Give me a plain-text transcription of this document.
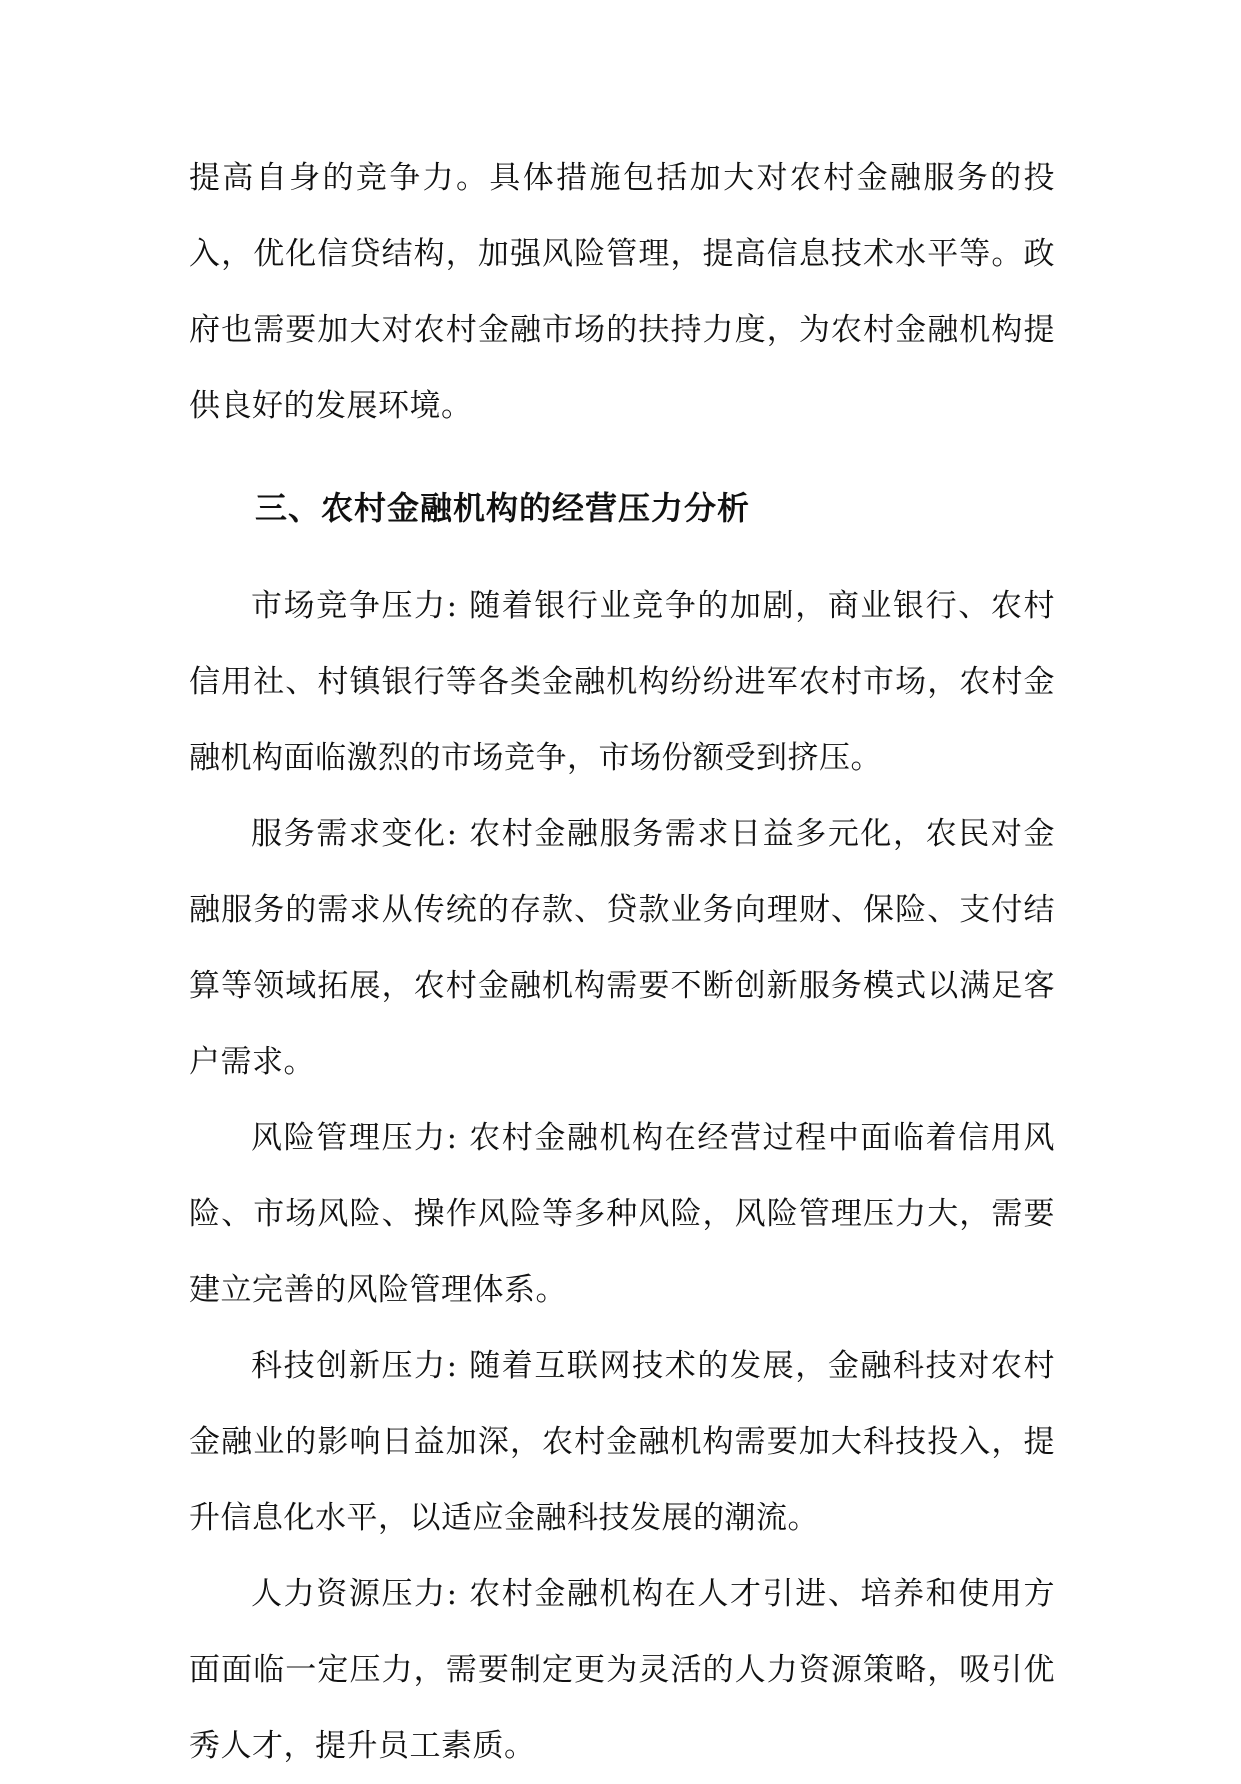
提高自身的竞争力。具体措施包括加大对农村金融服务的投入，优化信贷结构，加强风险管理，提高信息技术水平等。政府也需要加大对农村金融市场的扶持力度，为农村金融机构提供良好的发展环境。

三、农村金融机构的经营压力分析

市场竞争压力: 随着银行业竞争的加剧，商业银行、农村信用社、村镇银行等各类金融机构纷纷进军农村市场，农村金融机构面临激烈的市场竞争，市场份额受到挤压。

服务需求变化: 农村金融服务需求日益多元化，农民对金融服务的需求从传统的存款、贷款业务向理财、保险、支付结算等领域拓展，农村金融机构需要不断创新服务模式以满足客户需求。

风险管理压力: 农村金融机构在经营过程中面临着信用风险、市场风险、操作风险等多种风险，风险管理压力大，需要建立完善的风险管理体系。

科技创新压力: 随着互联网技术的发展，金融科技对农村金融业的影响日益加深，农村金融机构需要加大科技投入，提升信息化水平，以适应金融科技发展的潮流。

人力资源压力: 农村金融机构在人才引进、培养和使用方面面临一定压力，需要制定更为灵活的人力资源策略，吸引优秀人才，提升员工素质。
